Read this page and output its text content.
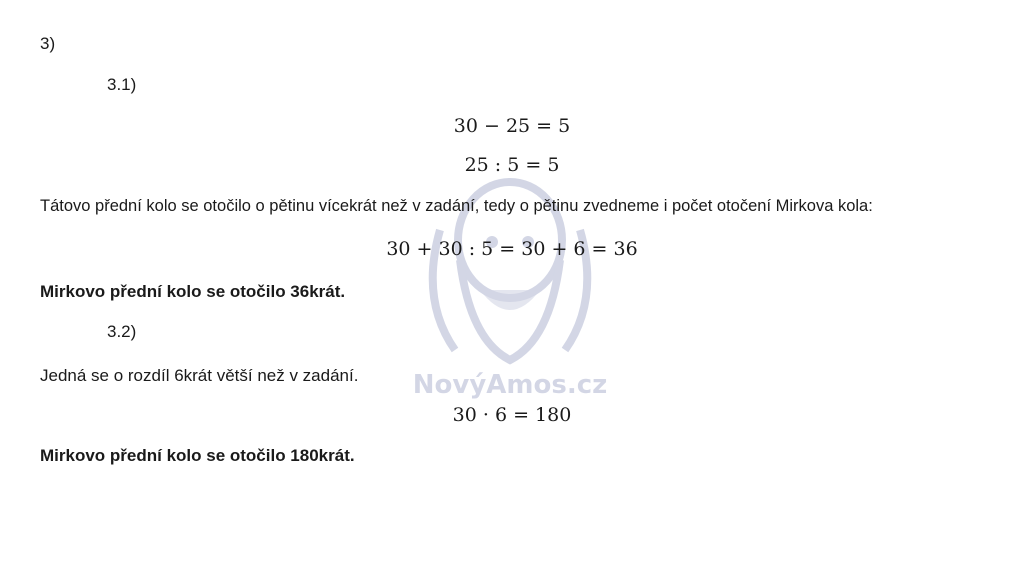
NovýAmos.cz
3)
3.1)
30 − 25 = 5
25 : 5 = 5
Tátovo přední kolo se otočilo o pětinu vícekrát než v zadání, tedy o pětinu zvedneme i počet otočení Mirkova kola:
30 + 30 : 5 = 30 + 6 = 36
Mirkovo přední kolo se otočilo 36krát.
3.2)
Jedná se o rozdíl 6krát větší než v zadání.
30 · 6 = 180
Mirkovo přední kolo se otočilo 180krát.
